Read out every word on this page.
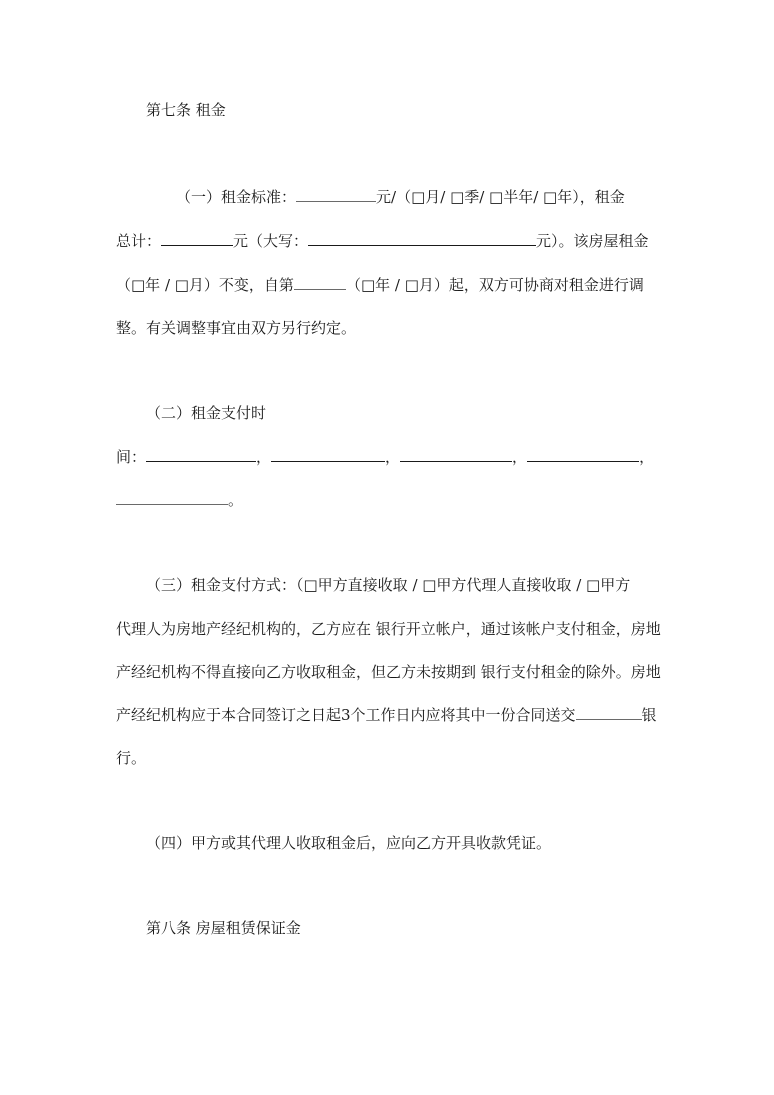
第七条 租金
（一）租金标准：	元/（□月/ □季/ □半年/ □年），租金
总计：	元（大写：	元）。该房屋租金
（□年 / □月）不变，自第	（□年 / □月）起，双方可协商对租金进行调
整。有关调整事宜由双方另行约定。
（二）租金支付时
间：	，	，	，	，
。
（三）租金支付方式：（□甲方直接收取 / □甲方代理人直接收取 / □甲方
代理人为房地产经纪机构的，乙方应在 银行开立帐户，通过该帐户支付租金，房地
产经纪机构不得直接向乙方收取租金，但乙方未按期到 银行支付租金的除外。房地
产经纪机构应于本合同签订之日起3个工作日内应将其中一份合同送交	银
行。
（四）甲方或其代理人收取租金后，应向乙方开具收款凭证。
第八条 房屋租赁保证金
